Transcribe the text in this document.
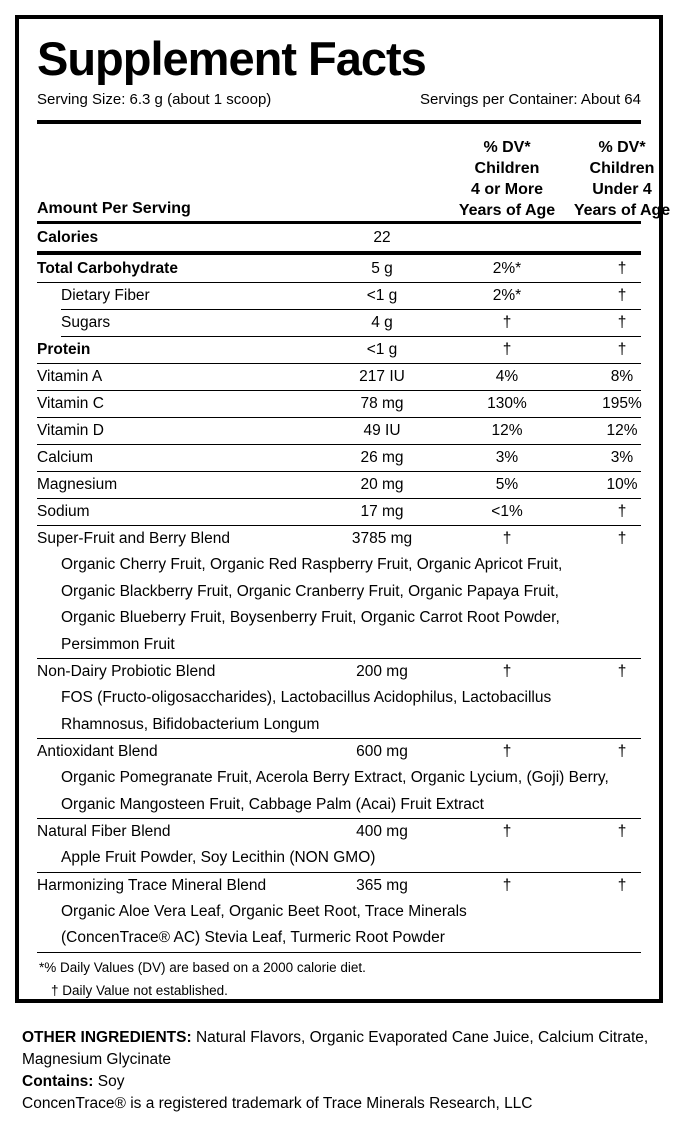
Supplement Facts
Serving Size: 6.3 g (about 1 scoop)	Servings per Container: About 64
Amount Per Serving
% DV*
Children
4 or More
Years of Age
% DV*
Children
Under 4
Years of Age
Calories	22
Total Carbohydrate	5 g	2%*	†
Dietary Fiber	<1 g	2%*	†
Sugars	4 g	†	†
Protein	<1 g	†	†
Vitamin A	217 IU	4%	8%
Vitamin C	78 mg	130%	195%
Vitamin D	49 IU	12%	12%
Calcium	26 mg	3%	3%
Magnesium	20 mg	5%	10%
Sodium	17 mg	<1%	†
Super-Fruit and Berry Blend	3785 mg	†	†
Organic Cherry Fruit, Organic Red Raspberry Fruit, Organic Apricot Fruit,
Organic Blackberry Fruit, Organic Cranberry Fruit, Organic Papaya Fruit,
Organic Blueberry Fruit, Boysenberry Fruit, Organic Carrot Root Powder,
Persimmon Fruit
Non-Dairy Probiotic Blend	200 mg	†	†
FOS (Fructo-oligosaccharides), Lactobacillus Acidophilus, Lactobacillus
Rhamnosus, Bifidobacterium Longum
Antioxidant Blend	600 mg	†	†
Organic Pomegranate Fruit, Acerola Berry Extract, Organic Lycium, (Goji) Berry,
Organic Mangosteen Fruit, Cabbage Palm (Acai) Fruit Extract
Natural Fiber Blend	400 mg	†	†
Apple Fruit Powder, Soy Lecithin (NON GMO)
Harmonizing Trace Mineral Blend	365 mg	†	†
Organic Aloe Vera Leaf, Organic Beet Root, Trace Minerals
(ConcenTrace® AC) Stevia Leaf, Turmeric Root Powder
*% Daily Values (DV) are based on a 2000 calorie diet.
† Daily Value not established.
OTHER INGREDIENTS: Natural Flavors, Organic Evaporated Cane Juice, Calcium Citrate,
Magnesium Glycinate
Contains: Soy
ConcenTrace® is a registered trademark of Trace Minerals Research, LLC
